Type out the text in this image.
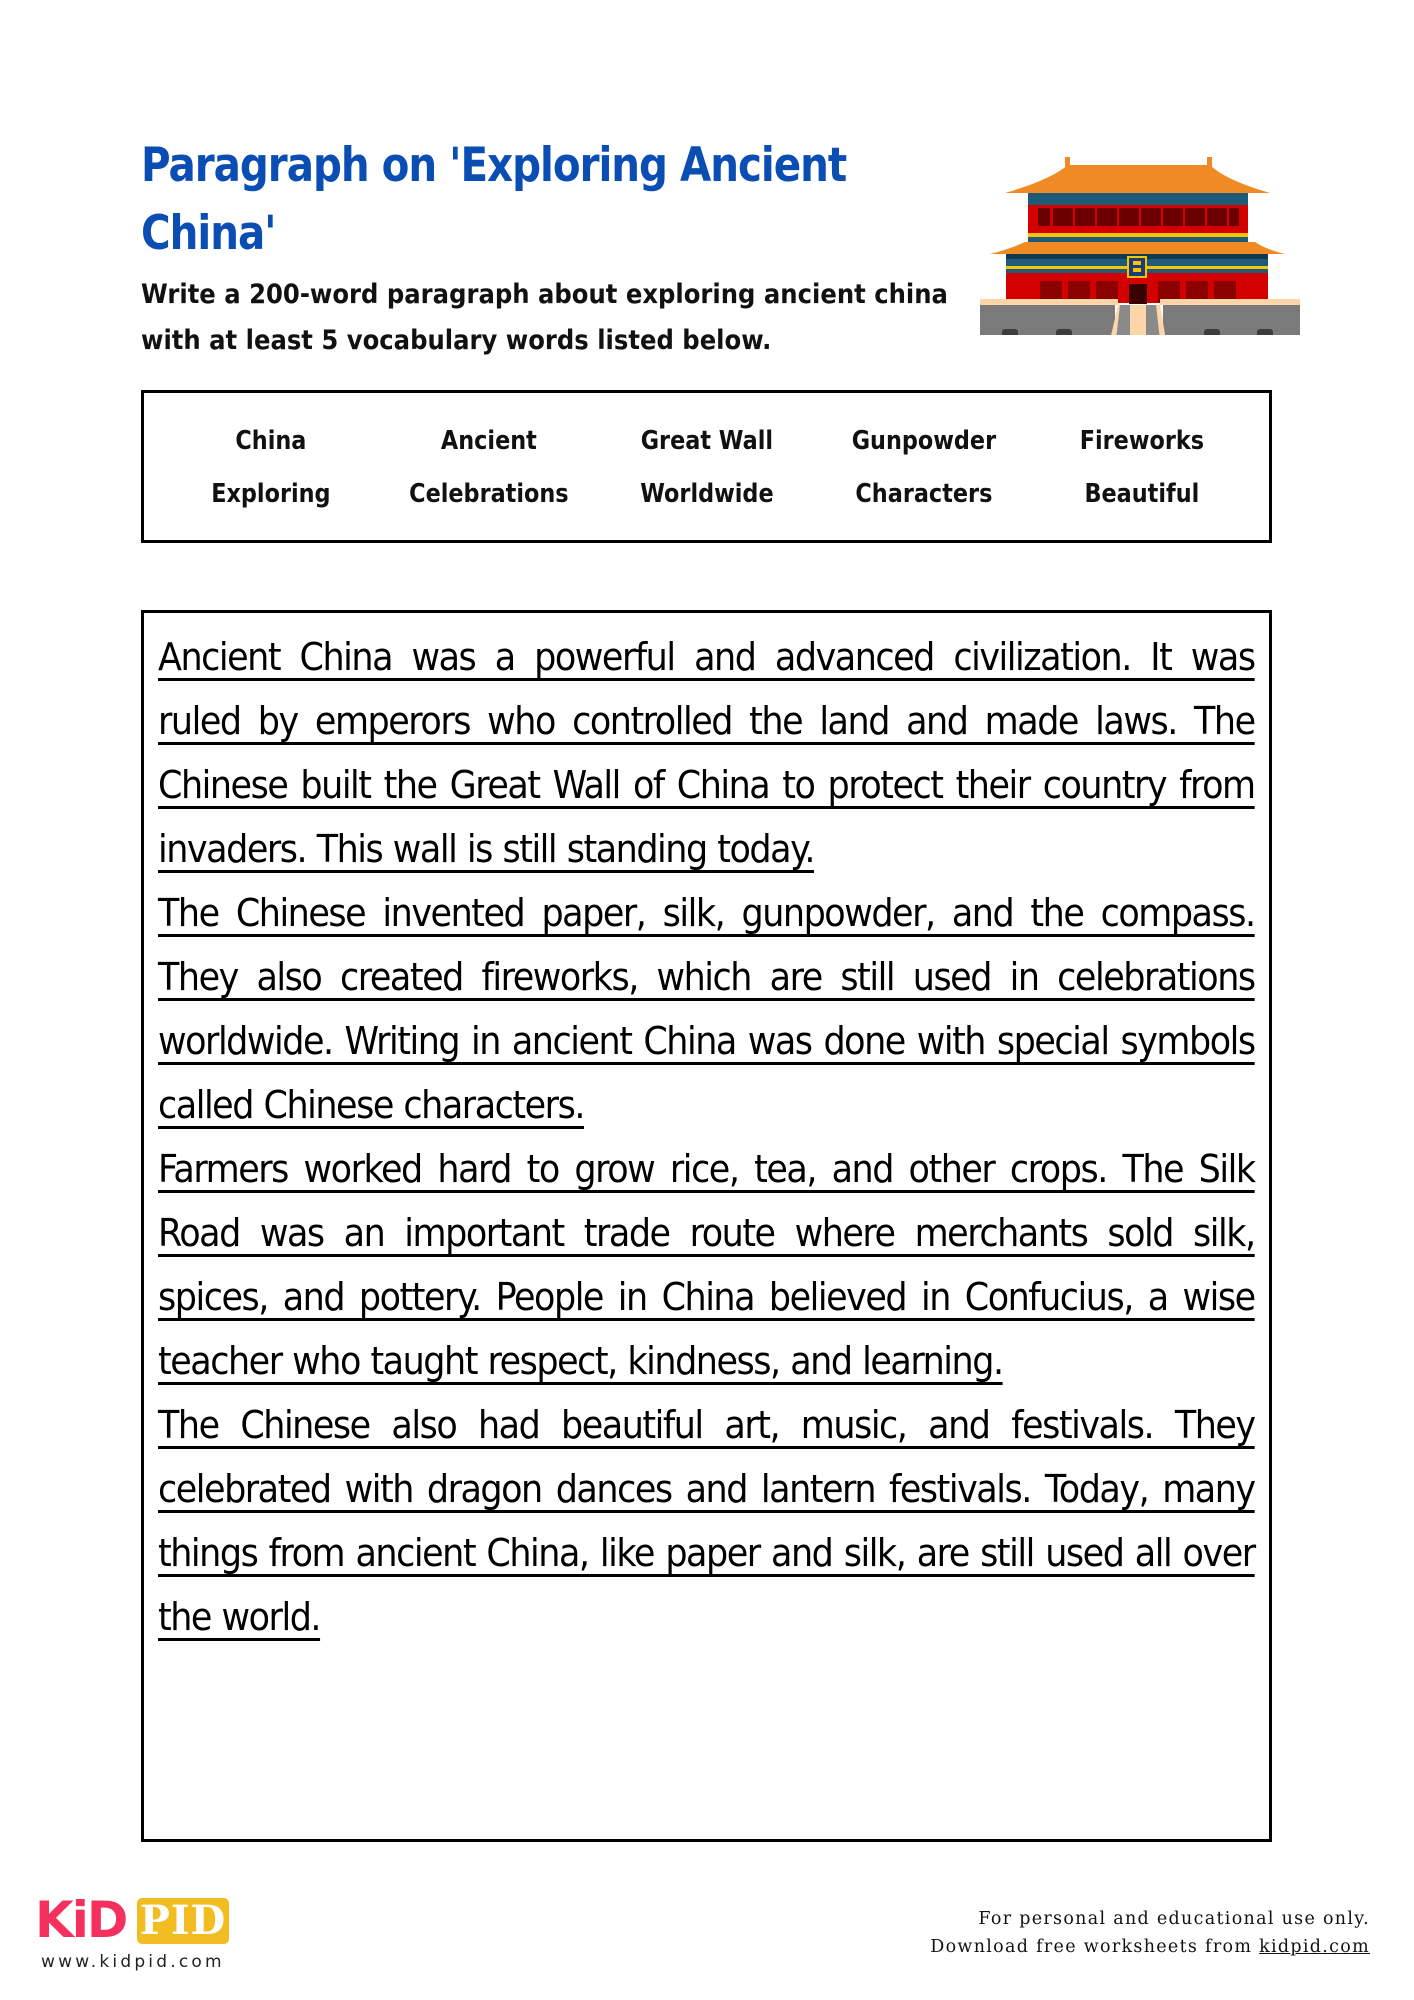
Paragraph on 'Exploring Ancient China'

Write a 200-word paragraph about exploring ancient china with at least 5 vocabulary words listed below.

China	Ancient	Great Wall	Gunpowder	Fireworks
Exploring	Celebrations	Worldwide	Characters	Beautiful

Ancient China was a powerful and advanced civilization. It was ruled by emperors who controlled the land and made laws. The Chinese built the Great Wall of China to protect their country from invaders. This wall is still standing today.

The Chinese invented paper, silk, gunpowder, and the compass. They also created fireworks, which are still used in celebrations worldwide. Writing in ancient China was done with special symbols called Chinese characters.

Farmers worked hard to grow rice, tea, and other crops. The Silk Road was an important trade route where merchants sold silk, spices, and pottery. People in China believed in Confucius, a wise teacher who taught respect, kindness, and learning.

The Chinese also had beautiful art, music, and festivals. They celebrated with dragon dances and lantern festivals. Today, many things from ancient China, like paper and silk, are still used all over the world.

KiD PID
www.kidpid.com
For personal and educational use only.
Download free worksheets from kidpid.com
